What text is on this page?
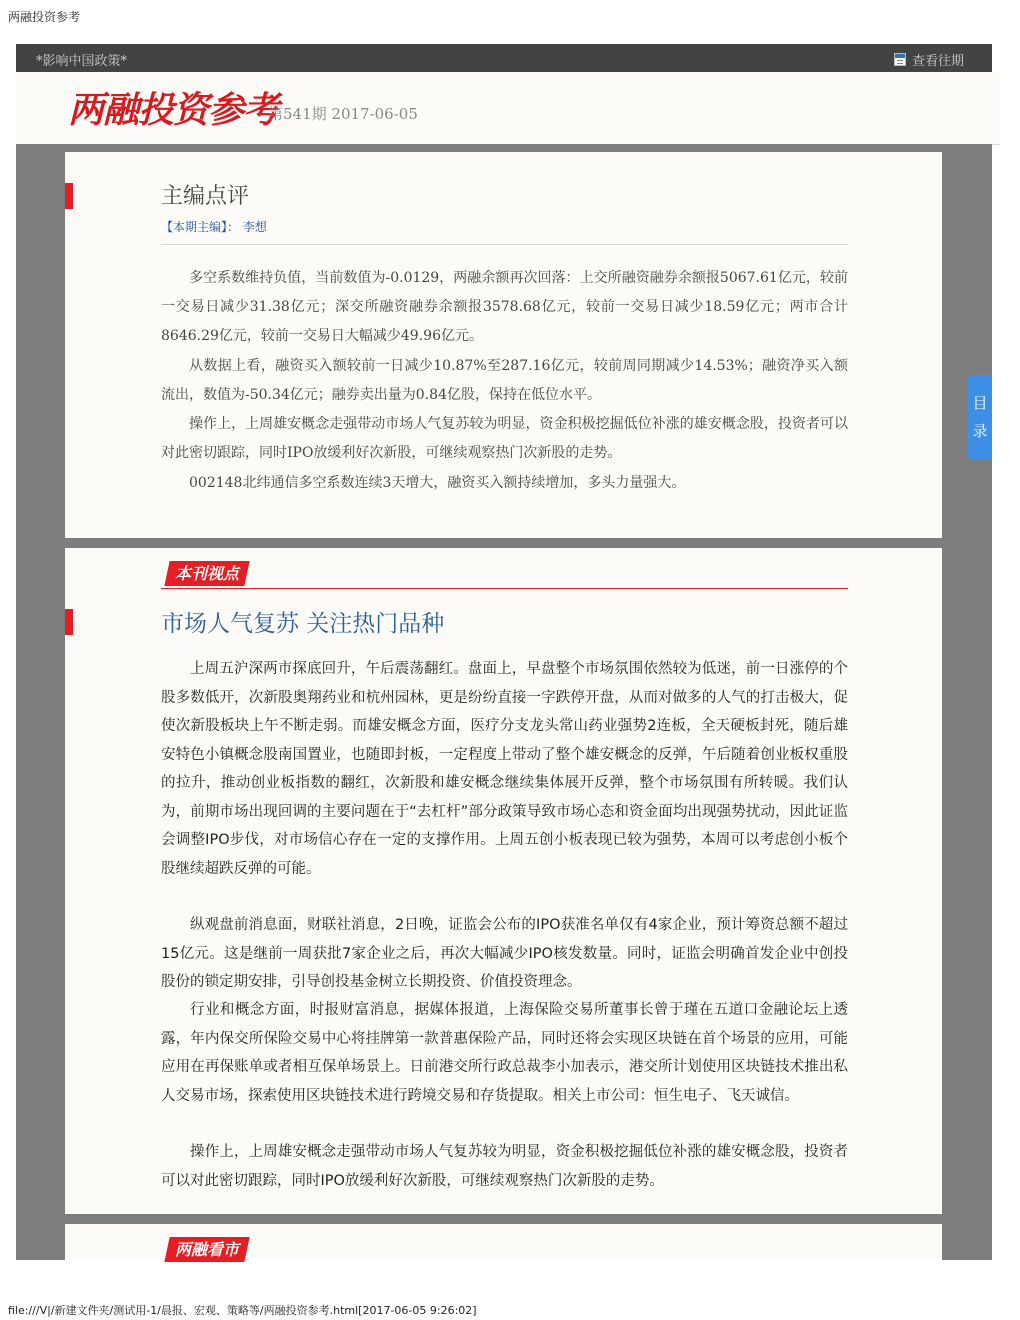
两融投资参考
*影响中国政策*	查看往期
两融投资参考
第541期 2017-06-05
主编点评
【本期主编】： 李想

多空系数维持负值，当前数值为-0.0129，两融余额再次回落：上交所融资融券余额报5067.61亿元，较前一交易日减少31.38亿元；深交所融资融券余额报3578.68亿元，较前一交易日减少18.59亿元；两市合计8646.29亿元，较前一交易日大幅减少49.96亿元。

从数据上看，融资买入额较前一日减少10.87%至287.16亿元，较前周同期减少14.53%；融资净买入额流出，数值为-50.34亿元；融券卖出量为0.84亿股，保持在低位水平。

操作上，上周雄安概念走强带动市场人气复苏较为明显，资金积极挖掘低位补涨的雄安概念股，投资者可以对此密切跟踪，同时IPO放缓利好次新股，可继续观察热门次新股的走势。

002148北纬通信多空系数连续3天增大，融资买入额持续增加，多头力量强大。

本刊视点
市场人气复苏 关注热门品种

上周五沪深两市探底回升，午后震荡翻红。盘面上，早盘整个市场氛围依然较为低迷，前一日涨停的个股多数低开，次新股奥翔药业和杭州园林，更是纷纷直接一字跌停开盘，从而对做多的人气的打击极大，促使次新股板块上午不断走弱。而雄安概念方面，医疗分支龙头常山药业强势2连板，全天硬板封死，随后雄安特色小镇概念股南国置业，也随即封板，一定程度上带动了整个雄安概念的反弹，午后随着创业板权重股的拉升，推动创业板指数的翻红，次新股和雄安概念继续集体展开反弹，整个市场氛围有所转暖。我们认为，前期市场出现回调的主要问题在于“去杠杆”部分政策导致市场心态和资金面均出现强势扰动，因此证监会调整IPO步伐，对市场信心存在一定的支撑作用。上周五创小板表现已较为强势，本周可以考虑创小板个股继续超跌反弹的可能。

纵观盘前消息面，财联社消息，2日晚，证监会公布的IPO获准名单仅有4家企业，预计筹资总额不超过15亿元。这是继前一周获批7家企业之后，再次大幅减少IPO核发数量。同时，证监会明确首发企业中创投股份的锁定期安排，引导创投基金树立长期投资、价值投资理念。

行业和概念方面，时报财富消息，据媒体报道，上海保险交易所董事长曾于瑾在五道口金融论坛上透露，年内保交所保险交易中心将挂牌第一款普惠保险产品，同时还将会实现区块链在首个场景的应用，可能应用在再保账单或者相互保单场景上。日前港交所行政总裁李小加表示，港交所计划使用区块链技术推出私人交易市场，探索使用区块链技术进行跨境交易和存货提取。相关上市公司：恒生电子、飞天诚信。

操作上，上周雄安概念走强带动市场人气复苏较为明显，资金积极挖掘低位补涨的雄安概念股，投资者可以对此密切跟踪，同时IPO放缓利好次新股，可继续观察热门次新股的走势。

两融看市
目
录
file:///V|/新建文件夹/测试用-1/晨报、宏观、策略等/两融投资参考.html[2017-06-05 9:26:02]
